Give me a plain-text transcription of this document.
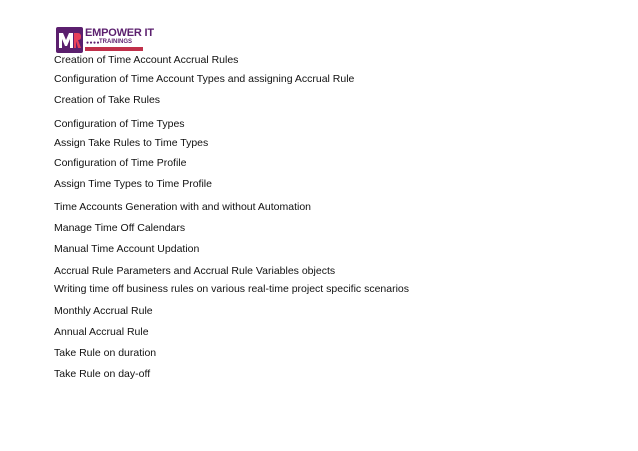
EMPOWER IT
●●●●
TRAININGS
Creation of Time Account Accrual Rules
Configuration of Time Account Types and assigning Accrual Rule
Creation of Take Rules
Configuration of Time Types
Assign Take Rules to Time Types
Configuration of Time Profile
Assign Time Types to Time Profile
Time Accounts Generation with and without Automation
Manage Time Off Calendars
Manual Time Account Updation
Accrual Rule Parameters and Accrual Rule Variables objects
Writing time off business rules on various real-time project specific scenarios
Monthly Accrual Rule
Annual Accrual Rule
Take Rule on duration
Take Rule on day-off
